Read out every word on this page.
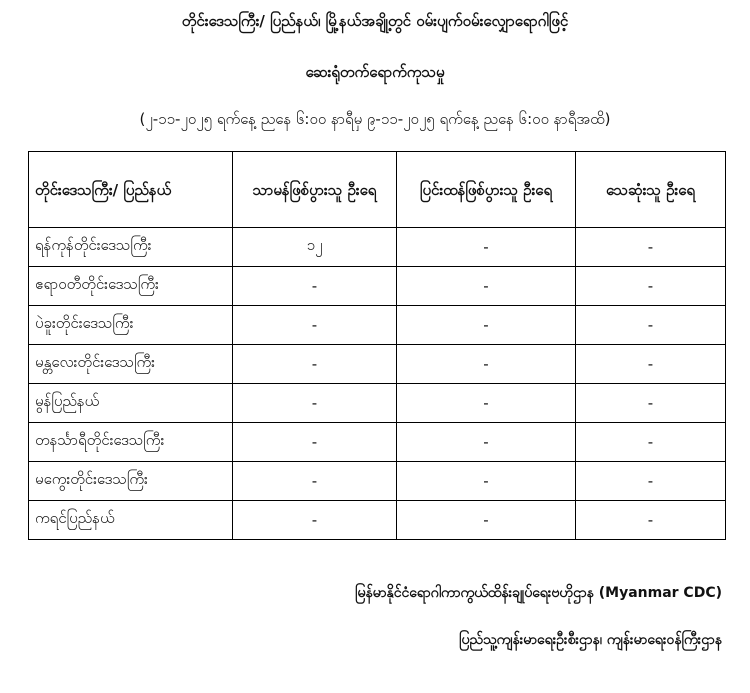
တိုင်းဒေသကြီး/ ပြည်နယ်၊ မြို့နယ်အချို့တွင် ဝမ်းပျက်ဝမ်းလျှောရောဂါဖြင့်
ဆေးရုံတက်ရောက်ကုသမှု
(၂-၁၁-၂၀၂၅ ရက်နေ့ ညနေ ၆:၀၀ နာရီမှ ၉-၁၁-၂၀၂၅ ရက်နေ့ ညနေ ၆:၀၀ နာရီအထိ)
တိုင်းဒေသကြီး/ ပြည်နယ်	သာမန်ဖြစ်ပွားသူ ဦးရေ	ပြင်းထန်ဖြစ်ပွားသူ ဦးရေ	သေဆုံးသူ ဦးရေ
ရန်ကုန်တိုင်းဒေသကြီး	၁၂	-	-
ဧရာဝတီတိုင်းဒေသကြီး	-	-	-
ပဲခူးတိုင်းဒေသကြီး	-	-	-
မန္တလေးတိုင်းဒေသကြီး	-	-	-
မွန်ပြည်နယ်	-	-	-
တနင်္သာရီတိုင်းဒေသကြီး	-	-	-
မကွေးတိုင်းဒေသကြီး	-	-	-
ကရင်ပြည်နယ်	-	-	-
မြန်မာနိုင်ငံရောဂါကာကွယ်ထိန်းချုပ်ရေးဗဟိုဌာန (Myanmar CDC)
ပြည်သူ့ကျန်းမာရေးဦးစီးဌာန၊ ကျန်းမာရေးဝန်ကြီးဌာန
